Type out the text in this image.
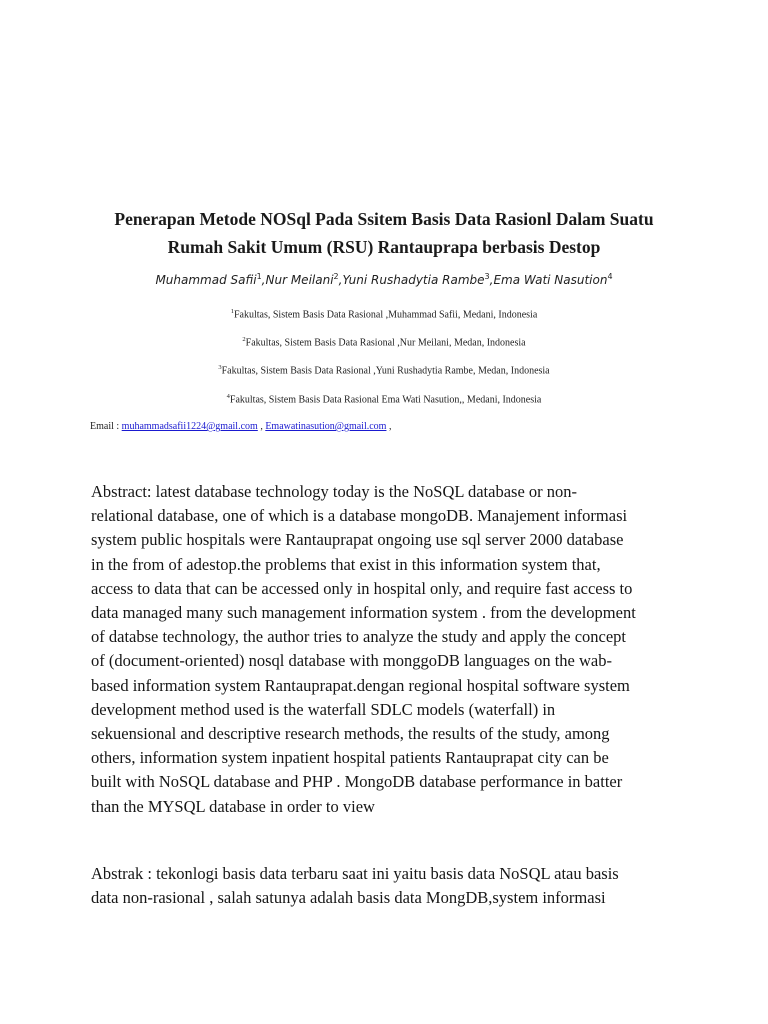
Penerapan Metode NOSql Pada Ssitem Basis Data Rasionl Dalam Suatu
Rumah Sakit Umum (RSU) Rantauprapa berbasis Destop
Muhammad Safii$^1$,Nur Meilani$^2$,Yuni Rushadytia Rambe$^3$,Ema Wati Nasution$^4$
$^1$Fakultas, Sistem Basis Data Rasional ,Muhammad Safii, Medani, Indonesia
$^2$Fakultas, Sistem Basis Data Rasional ,Nur Meilani, Medan, Indonesia
$^3$Fakultas, Sistem Basis Data Rasional ,Yuni Rushadytia Rambe, Medan, Indonesia
$^4$Fakultas, Sistem Basis Data Rasional Ema Wati Nasution,, Medani, Indonesia
Email : muhammadsafii1224@gmail.com , Emawatinasution@gmail.com ,
Abstract: latest database technology today is the NoSQL database or non-
relational database, one of which is a database mongoDB. Manajement informasi
system public hospitals were Rantauprapat ongoing use sql server 2000 database
in the from of adestop.the problems that exist in this information system that,
access to data that can be accessed only in hospital only, and require fast access to
data managed many such management information system . from the development
of databse technology, the author tries to analyze the study and apply the concept
of (document-oriented) nosql database with monggoDB languages on the wab-
based information system Rantauprapat.dengan regional hospital software system
development method used is the waterfall SDLC models (waterfall) in
sekuensional and descriptive research methods, the results of the study, among
others, information system inpatient hospital patients Rantauprapat city can be
built with NoSQL database and PHP . MongoDB database performance in batter
than the MYSQL database in order to view
Abstrak : tekonlogi basis data terbaru saat ini yaitu basis data NoSQL atau basis
data non-rasional , salah satunya adalah basis data MongDB,system informasi
